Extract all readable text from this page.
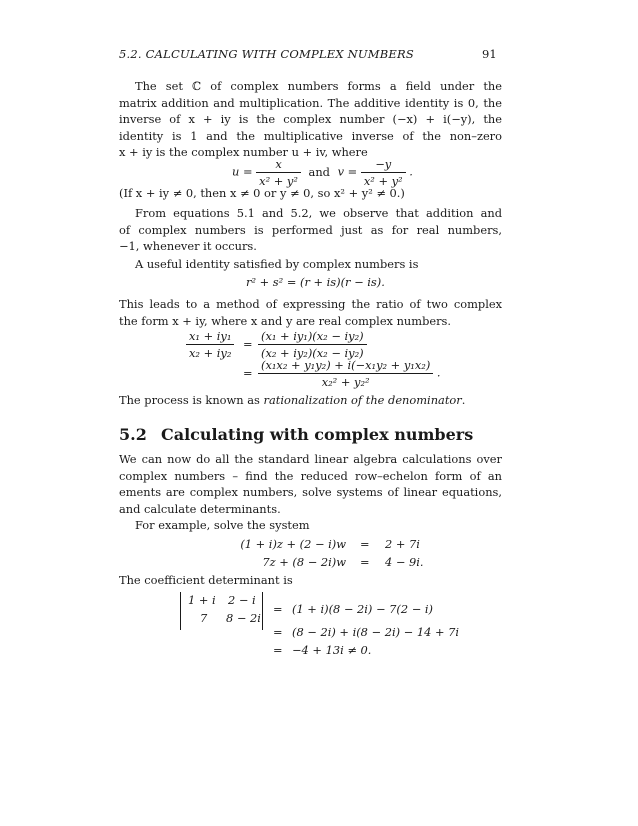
5.2. CALCULATING WITH COMPLEX NUMBERS	91
The set ℂ of complex numbers forms a field under the
matrix addition and multiplication. The additive identity is 0, the
inverse of x + iy is the complex number (−x) + i(−y), the
identity is 1 and the multiplicative inverse of the non–zero
x + iy is the complex number u + iv, where
$u = \frac{x}{\text{x² + y²}}$ and $v = \frac{-y}{\text{x² + y²}}$ .
(If x + iy ≠ 0, then x ≠ 0 or y ≠ 0, so x² + y² ≠ 0.)
From equations 5.1 and 5.2, we observe that addition and
of complex numbers is performed just as for real numbers,
−1, whenever it occurs.
A useful identity satisfied by complex numbers is
r² + s² = (r + is)(r − is).
This leads to a method of expressing the ratio of two complex
the form x + iy, where x and y are real complex numbers.
$\frac{\text{x₁ + iy₁}}{\text{x₂ + iy₂}} = \frac{\text{(x₁ + iy₁)(x₂ − iy₂)}}{\text{(x₂ + iy₂)(x₂ − iy₂)}}$
= $\frac{\text{(x₁x₂ + y₁y₂) + i(−x₁y₂ + y₁x₂)}}{\text{x₂² + y₂²}}$ .
The process is known as rationalization of the denominator.
5.2 Calculating with complex numbers
We can now do all the standard linear algebra calculations over
complex numbers – find the reduced row–echelon form of an
ements are complex numbers, solve systems of linear equations,
and calculate determinants.
For example, solve the system
(1 + i)z + (2 − i)w = 2 + 7i
7z + (8 − 2i)w = 4 − 9i.
The coefficient determinant is
1 + i 2 − i
7 8 − 2i
= (1 + i)(8 − 2i) − 7(2 − i)
= (8 − 2i) + i(8 − 2i) − 14 + 7i
= −4 + 13i ≠ 0.
